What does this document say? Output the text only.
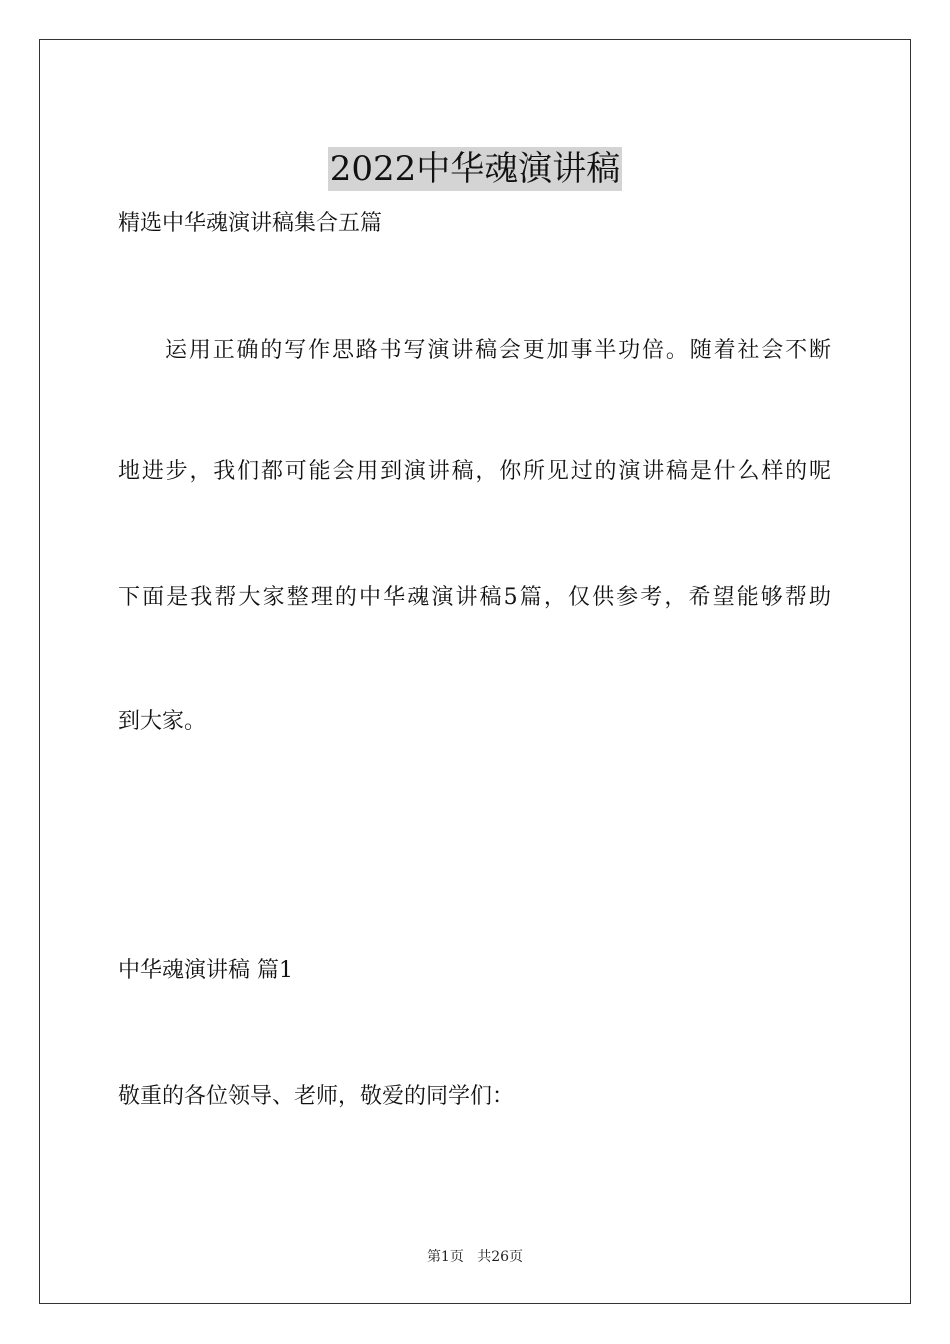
2022中华魂演讲稿
精选中华魂演讲稿集合五篇
运用正确的写作思路书写演讲稿会更加事半功倍。随着社会不断
地进步，我们都可能会用到演讲稿，你所见过的演讲稿是什么样的呢
下面是我帮大家整理的中华魂演讲稿5篇，仅供参考，希望能够帮助
到大家。
中华魂演讲稿 篇1
敬重的各位领导、老师，敬爱的同学们：
第1页 共26页
